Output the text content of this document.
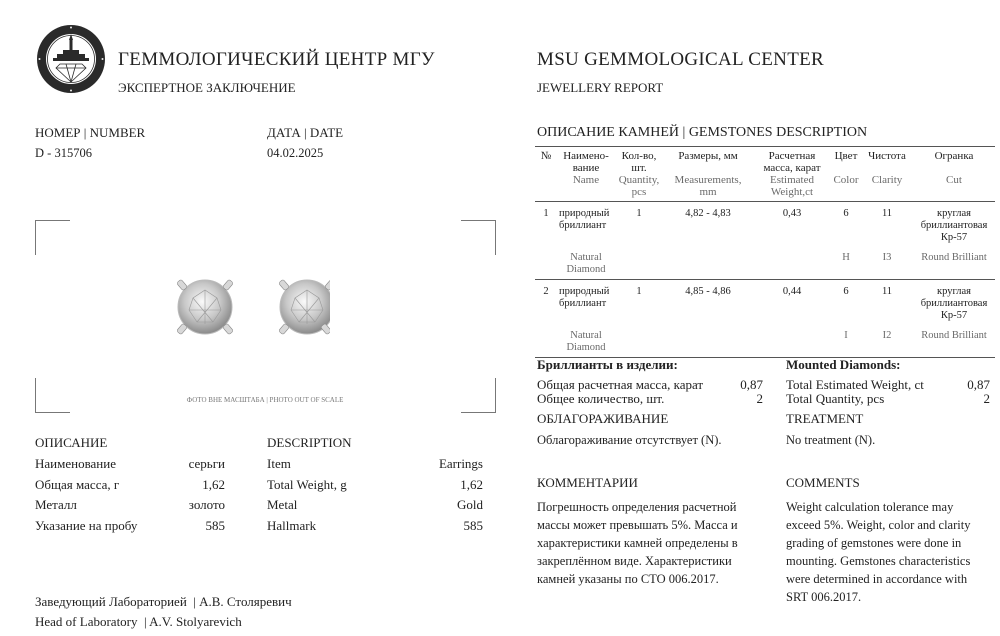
ГЕММОЛОГИЧЕСКИЙ ЦЕНТР МГУ
ЭКСПЕРТНОЕ ЗАКЛЮЧЕНИЕ
MSU GEMMOLOGICAL CENTER
JEWELLERY REPORT
НОМЕР | NUMBER
D - 315706
ДАТА | DATE
04.02.2025
ФОТО ВНЕ МАСШТАБА | PHOTO OUT OF SCALE
ОПИСАНИЕ
Наименование	серьги
Общая масса, г	1,62
Металл	золото
Указание на пробу	585
DESCRIPTION
Item	Earrings
Total Weight, g	1,62
Metal	Gold
Hallmark	585
Заведующий Лабораторией  | А.В. Столяревич
Head of Laboratory  | A.V. Stolyarevich
ОПИСАНИЕ КАМНЕЙ | GEMSTONES DESCRIPTION
№	Наимено-вание	Кол-во, шт.	Размеры, мм	Расчетная масса, карат	Цвет	Чистота	Огранка
	Name	Quantity, pcs	Measurements, mm	Estimated Weight,ct	Color	Clarity	Cut
1	природный бриллиант	1	4,82 - 4,83	0,43	6	11	круглая бриллиантовая Кр-57
	Natural Diamond				H	I3	Round Brilliant
2	природный бриллиант	1	4,85 - 4,86	0,44	6	11	круглая бриллиантовая Кр-57
	Natural Diamond				I	I2	Round Brilliant
Бриллианты в изделии:
Общая расчетная масса, карат	0,87
Общее количество, шт.	2
Mounted Diamonds:
Total Estimated Weight, ct	0,87
Total Quantity, pcs	2
ОБЛАГОРАЖИВАНИЕ
Облагораживание отсутствует (N).
TREATMENT
No treatment (N).
КОММЕНТАРИИ
Погрешность определения расчетной массы может превышать 5%. Масса и характеристики камней определены в закреплённом виде. Характеристики камней указаны по СТО 006.2017.
COMMENTS
Weight calculation tolerance may exceed 5%. Weight, color and clarity grading of gemstones were done in mounting. Gemstones characteristics were determined in accordance with SRT 006.2017.
